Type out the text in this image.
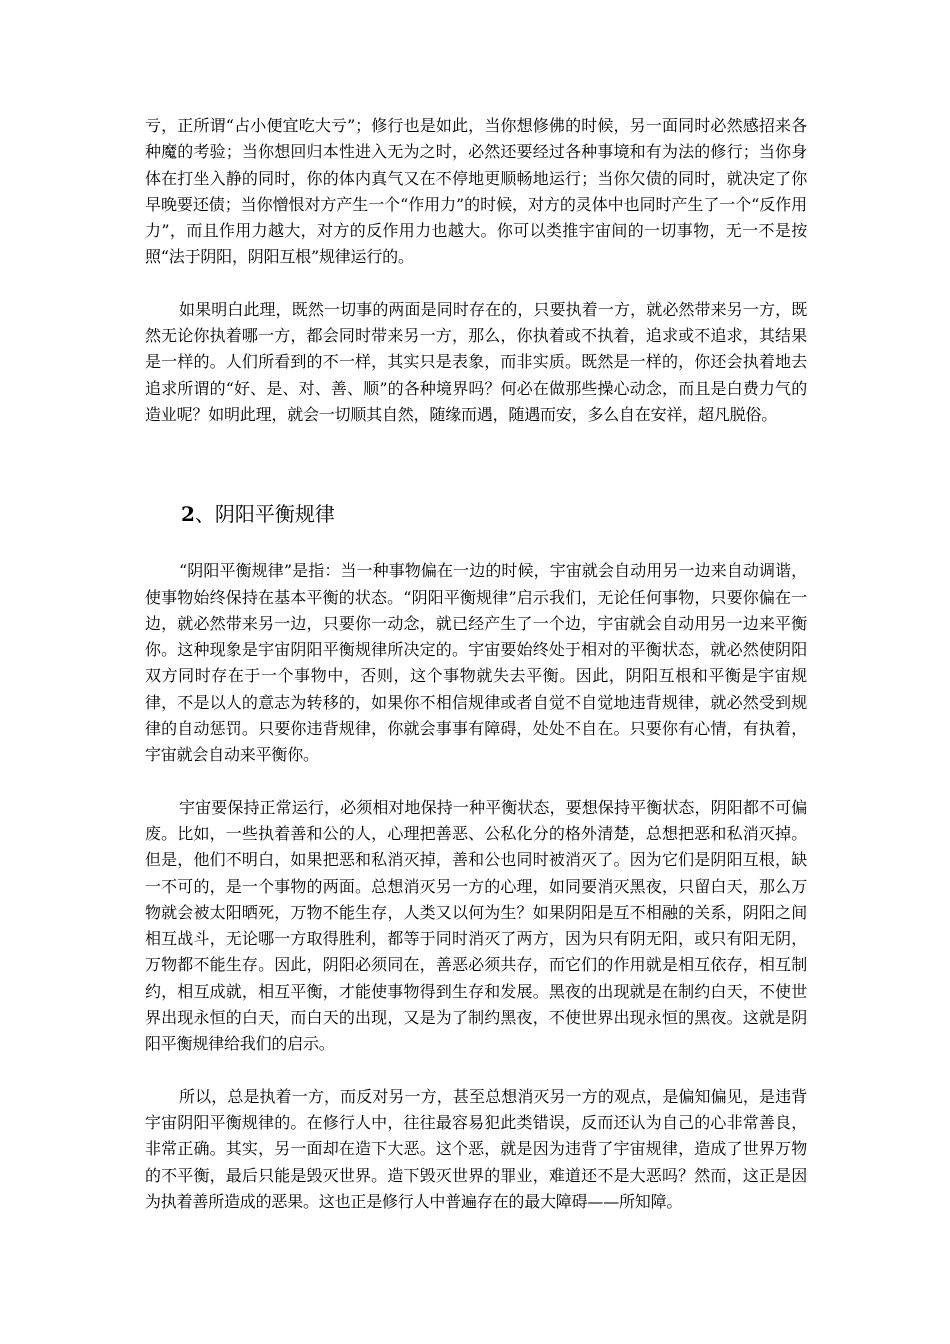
亏，正所谓“占小便宜吃大亏”；修行也是如此，当你想修佛的时候，另一面同时必然感招来各种魔的考验；当你想回归本性进入无为之时，必然还要经过各种事境和有为法的修行；当你身体在打坐入静的同时，你的体内真气又在不停地更顺畅地运行；当你欠债的同时，就决定了你早晚要还债；当你憎恨对方产生一个“作用力”的时候，对方的灵体中也同时产生了一个“反作用力”，而且作用力越大，对方的反作用力也越大。你可以类推宇宙间的一切事物，无一不是按照“法于阴阳，阴阳互根”规律运行的。

如果明白此理，既然一切事的两面是同时存在的，只要执着一方，就必然带来另一方，既然无论你执着哪一方，都会同时带来另一方，那么，你执着或不执着，追求或不追求，其结果是一样的。人们所看到的不一样，其实只是表象，而非实质。既然是一样的，你还会执着地去追求所谓的“好、是、对、善、顺”的各种境界吗？何必在做那些操心动念，而且是白费力气的造业呢？如明此理，就会一切顺其自然，随缘而遇，随遇而安，多么自在安祥，超凡脱俗。

2、阴阳平衡规律

“阴阳平衡规律”是指：当一种事物偏在一边的时候，宇宙就会自动用另一边来自动调谐，使事物始终保持在基本平衡的状态。“阴阳平衡规律”启示我们，无论任何事物，只要你偏在一边，就必然带来另一边，只要你一动念，就已经产生了一个边，宇宙就会自动用另一边来平衡你。这种现象是宇宙阴阳平衡规律所决定的。宇宙要始终处于相对的平衡状态，就必然使阴阳双方同时存在于一个事物中，否则，这个事物就失去平衡。因此，阴阳互根和平衡是宇宙规律，不是以人的意志为转移的，如果你不相信规律或者自觉不自觉地违背规律，就必然受到规律的自动惩罚。只要你违背规律，你就会事事有障碍，处处不自在。只要你有心情，有执着，宇宙就会自动来平衡你。

宇宙要保持正常运行，必须相对地保持一种平衡状态，要想保持平衡状态，阴阳都不可偏废。比如，一些执着善和公的人，心理把善恶、公私化分的格外清楚，总想把恶和私消灭掉。但是，他们不明白，如果把恶和私消灭掉，善和公也同时被消灭了。因为它们是阴阳互根，缺一不可的，是一个事物的两面。总想消灭另一方的心理，如同要消灭黑夜，只留白天，那么万物就会被太阳晒死，万物不能生存，人类又以何为生？如果阴阳是互不相融的关系，阴阳之间相互战斗，无论哪一方取得胜利，都等于同时消灭了两方，因为只有阴无阳，或只有阳无阴，万物都不能生存。因此，阴阳必须同在，善恶必须共存，而它们的作用就是相互依存，相互制约，相互成就，相互平衡，才能使事物得到生存和发展。黑夜的出现就是在制约白天，不使世界出现永恒的白天，而白天的出现，又是为了制约黑夜，不使世界出现永恒的黑夜。这就是阴阳平衡规律给我们的启示。

所以，总是执着一方，而反对另一方，甚至总想消灭另一方的观点，是偏知偏见，是违背宇宙阴阳平衡规律的。在修行人中，往往最容易犯此类错误，反而还认为自己的心非常善良，非常正确。其实，另一面却在造下大恶。这个恶，就是因为违背了宇宙规律，造成了世界万物的不平衡，最后只能是毁灭世界。造下毁灭世界的罪业，难道还不是大恶吗？然而，这正是因为执着善所造成的恶果。这也正是修行人中普遍存在的最大障碍——所知障。
